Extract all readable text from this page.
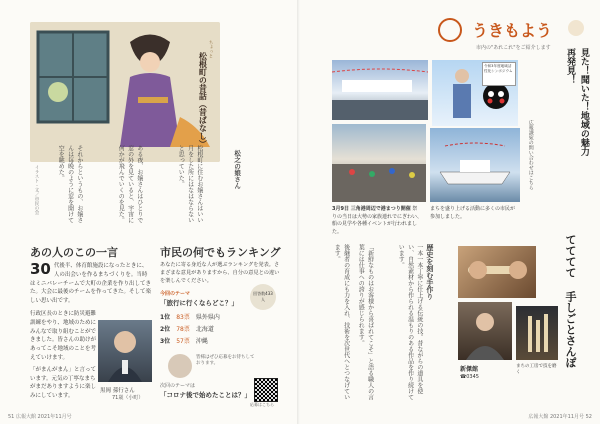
ちょっと
松根町の昔話（昔ばなし）
松之の娘さん
松根町に住むお嬢さんはいい月をした所にはなはならないと思っていた。
ある夜、お嬢さんはひとりで窓の外を見ていると、宇宙に何かが飛んでいくのを見た。
それからというもの、お嬢さんは毎晩のように窓を開けて空を眺めた。
イラスト・文／市民の会
あの人のこの一言
30 代後半、体育館施設になったときに、人の出会いを作るまちづくりを。当時はミニバレーチームで大町の企業を作り出してきた。大会に最後のチームを作ってきた。そして楽しい思い出です。
行政区長のときに防災避難訓練をやり、地域のためにみんなで取り組むことができました。皆さんの助けがあってこそ地域のことを考えていけます。
「がまんがまん」と言っています。元気の丁寧なまちがまだありますように楽しみにしています。
黒岡 孫行さん
71歳（小町）
市民の何でもランキング
あなたに寄る身近な人が選ぶランキングを発表。さまざまな意見がありますから、自分の意見との違いを楽しんでください。
今回のテーマ
「旅行に行くならどこ？」
回答数433人
1位 83票 県外県内
2位 78票 北海道
3位 57票 沖縄
皆様はぜひ応募をお待ちしております。
次回のテーマは
「コロナ後で始めたことは？」
応募はこちら
51 広報大館 2021年11月号
うきもよう
市内の"あれこれ"をご紹介します
令和3年度地域活性化シンポジウム	見た！聞いた！地域の魅力再発見！
広報課宛の問い合わせはこちら
3月9日 三角港周辺で港まつり開催 祭りの当日は大勢の家族連れでにぎわい、船の見学や各種イベントが行われました。
まちを盛り上げる活動に多くの市民が参加しました。
歴史を刻む手作り
一本一本丁寧に仕上げる伝統の技。昔ながらの道具を使い、自然素材から作られる温もりのある作品を作り続けています。
「新鮮なものはお客様から喜ばれてこそ」と語る職人の言葉には仕事への誇りが感じられます。
後継者の育成にも力を入れ、技術を次世代へとつなげています。	てててて 手しごとさんぽ
新傑館
☎0345
まちの工房で技を磨く
広報大館 2021年11月号 52
